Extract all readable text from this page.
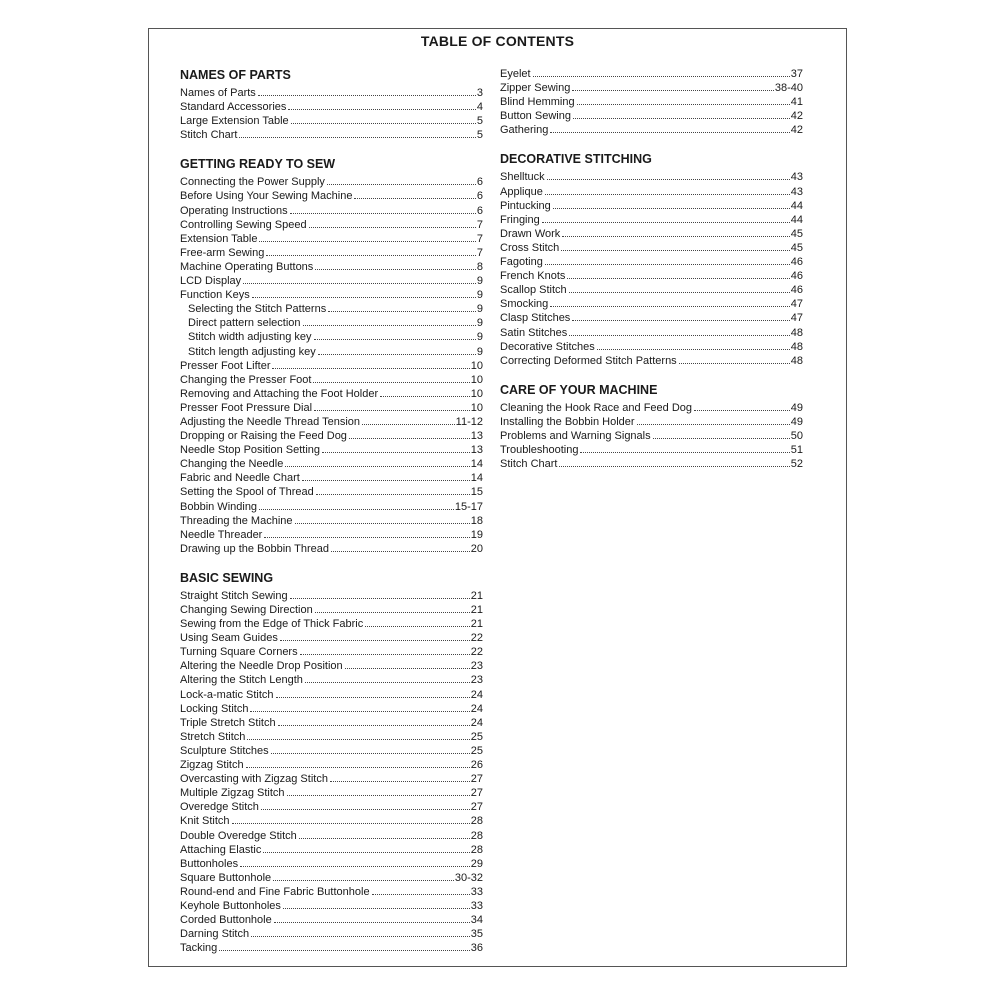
TABLE OF CONTENTS
NAMES OF PARTS
Names of Parts	3
Standard Accessories	4
Large Extension Table	5
Stitch Chart	5
GETTING READY TO SEW
Connecting the Power Supply	6
Before Using Your Sewing Machine	6
Operating Instructions	6
Controlling Sewing Speed	7
Extension Table	7
Free-arm Sewing	7
Machine Operating Buttons	8
LCD Display	9
Function Keys	9
Selecting the Stitch Patterns	9
Direct pattern selection	9
Stitch width adjusting key	9
Stitch length adjusting key	9
Presser Foot Lifter	10
Changing the Presser Foot	10
Removing and Attaching the Foot Holder	10
Presser Foot Pressure Dial	10
Adjusting the Needle Thread Tension	11-12
Dropping or Raising the Feed Dog	13
Needle Stop Position Setting	13
Changing the Needle	14
Fabric and Needle Chart	14
Setting the Spool of Thread	15
Bobbin Winding	15-17
Threading the Machine	18
Needle Threader	19
Drawing up the Bobbin Thread	20
BASIC SEWING
Straight Stitch Sewing	21
Changing Sewing Direction	21
Sewing from the Edge of Thick Fabric	21
Using Seam Guides	22
Turning Square Corners	22
Altering the Needle Drop Position	23
Altering the Stitch Length	23
Lock-a-matic Stitch	24
Locking Stitch	24
Triple Stretch Stitch	24
Stretch Stitch	25
Sculpture Stitches	25
Zigzag Stitch	26
Overcasting with Zigzag Stitch	27
Multiple Zigzag Stitch	27
Overedge Stitch	27
Knit Stitch	28
Double Overedge Stitch	28
Attaching Elastic	28
Buttonholes	29
Square Buttonhole	30-32
Round-end and Fine Fabric Buttonhole	33
Keyhole Buttonholes	33
Corded Buttonhole	34
Darning Stitch	35
Tacking	36
Eyelet	37
Zipper Sewing	38-40
Blind Hemming	41
Button Sewing	42
Gathering	42
DECORATIVE STITCHING
Shelltuck	43
Applique	43
Pintucking	44
Fringing	44
Drawn Work	45
Cross Stitch	45
Fagoting	46
French Knots	46
Scallop Stitch	46
Smocking	47
Clasp Stitches	47
Satin Stitches	48
Decorative Stitches	48
Correcting Deformed Stitch Patterns	48
CARE OF YOUR MACHINE
Cleaning the Hook Race and Feed Dog	49
Installing the Bobbin Holder	49
Problems and Warning Signals	50
Troubleshooting	51
Stitch Chart	52
